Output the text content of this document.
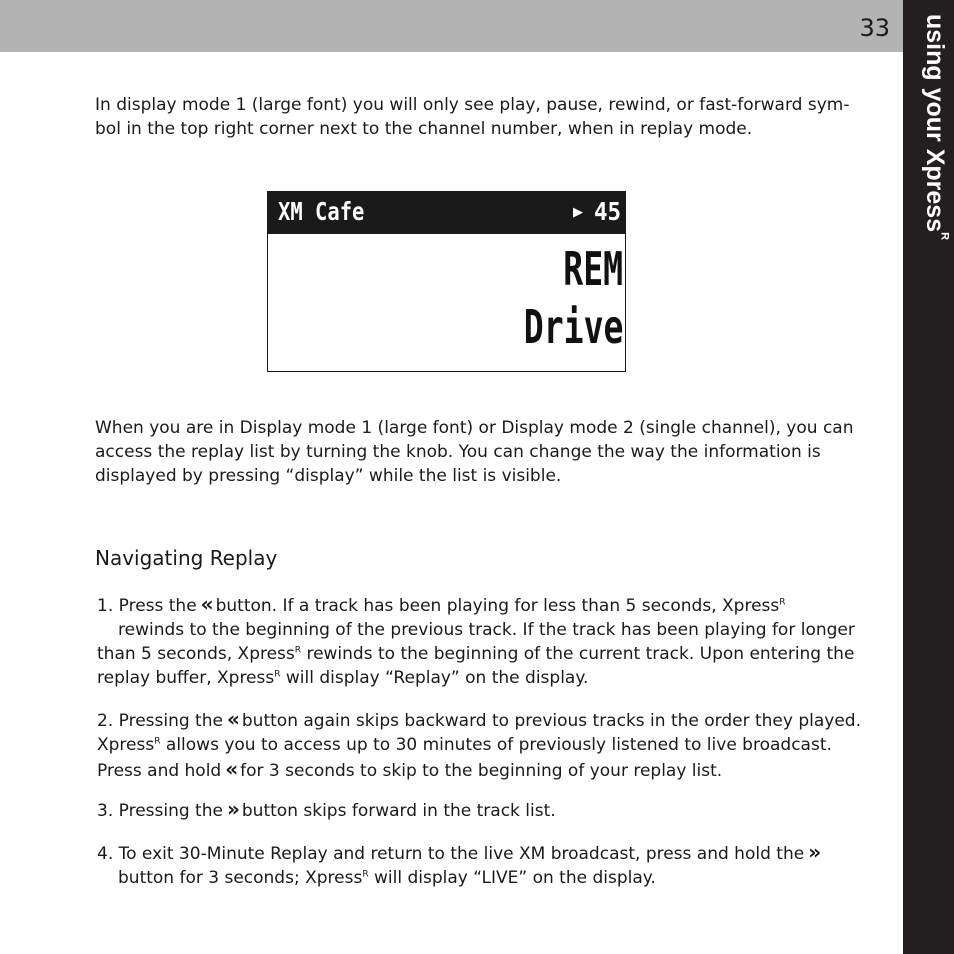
33 using your Xpress$^R$

In display mode 1 (large font) you will only see play, pause, rewind, or fast-forward sym- bol in the top right corner next to the channel number, when in replay mode.

XM Cafe	▶ 45
REM
Drive

When you are in Display mode 1 (large font) or Display mode 2 (single channel), you can access the replay list by turning the knob. You can change the way the information is displayed by pressing “display” while the list is visible.

Navigating Replay
1. Press the « button. If a track has been playing for less than 5 seconds, Xpress$^R$
rewinds to the beginning of the previous track. If the track has been playing for longer than 5 seconds, Xpress$^R$ rewinds to the beginning of the current track. Upon entering the replay buffer, Xpress$^R$ will display “Replay” on the display.
2. Pressing the « button again skips backward to previous tracks in the order they played. Xpress$^R$ allows you to access up to 30 minutes of previously listened to live broadcast. Press and hold « for 3 seconds to skip to the beginning of your replay list.
3. Pressing the » button skips forward in the track list.
4. To exit 30-Minute Replay and return to the live XM broadcast, press and hold the »
button for 3 seconds; Xpress$^R$ will display “LIVE” on the display.
